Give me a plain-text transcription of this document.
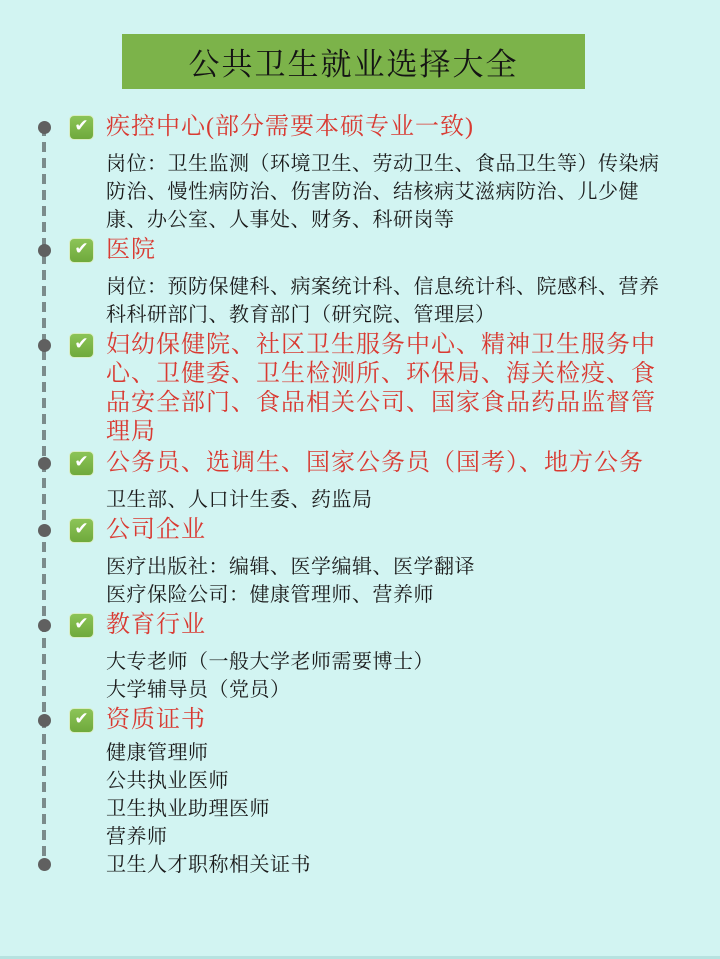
公共卫生就业选择大全
✔ 疾控中心(部分需要本硕专业一致)

岗位：卫生监测（环境卫生、劳动卫生、食品卫生等）传染病防治、慢性病防治、伤害防治、结核病艾滋病防治、儿少健康、办公室、人事处、财务、科研岗等

✔ 医院

岗位：预防保健科、病案统计科、信息统计科、院感科、营养科科研部门、教育部门（研究院、管理层）

✔ 妇幼保健院、社区卫生服务中心、精神卫生服务中心、卫健委、卫生检测所、环保局、海关检疫、食品安全部门、食品相关公司、国家食品药品监督管理局
✔ 公务员、选调生、国家公务员（国考）、地方公务

卫生部、人口计生委、药监局

✔ 公司企业

医疗出版社：编辑、医学编辑、医学翻译

医疗保险公司：健康管理师、营养师

✔ 教育行业

大专老师（一般大学老师需要博士）

大学辅导员（党员）

✔ 资质证书

健康管理师

公共执业医师

卫生执业助理医师

营养师

卫生人才职称相关证书
